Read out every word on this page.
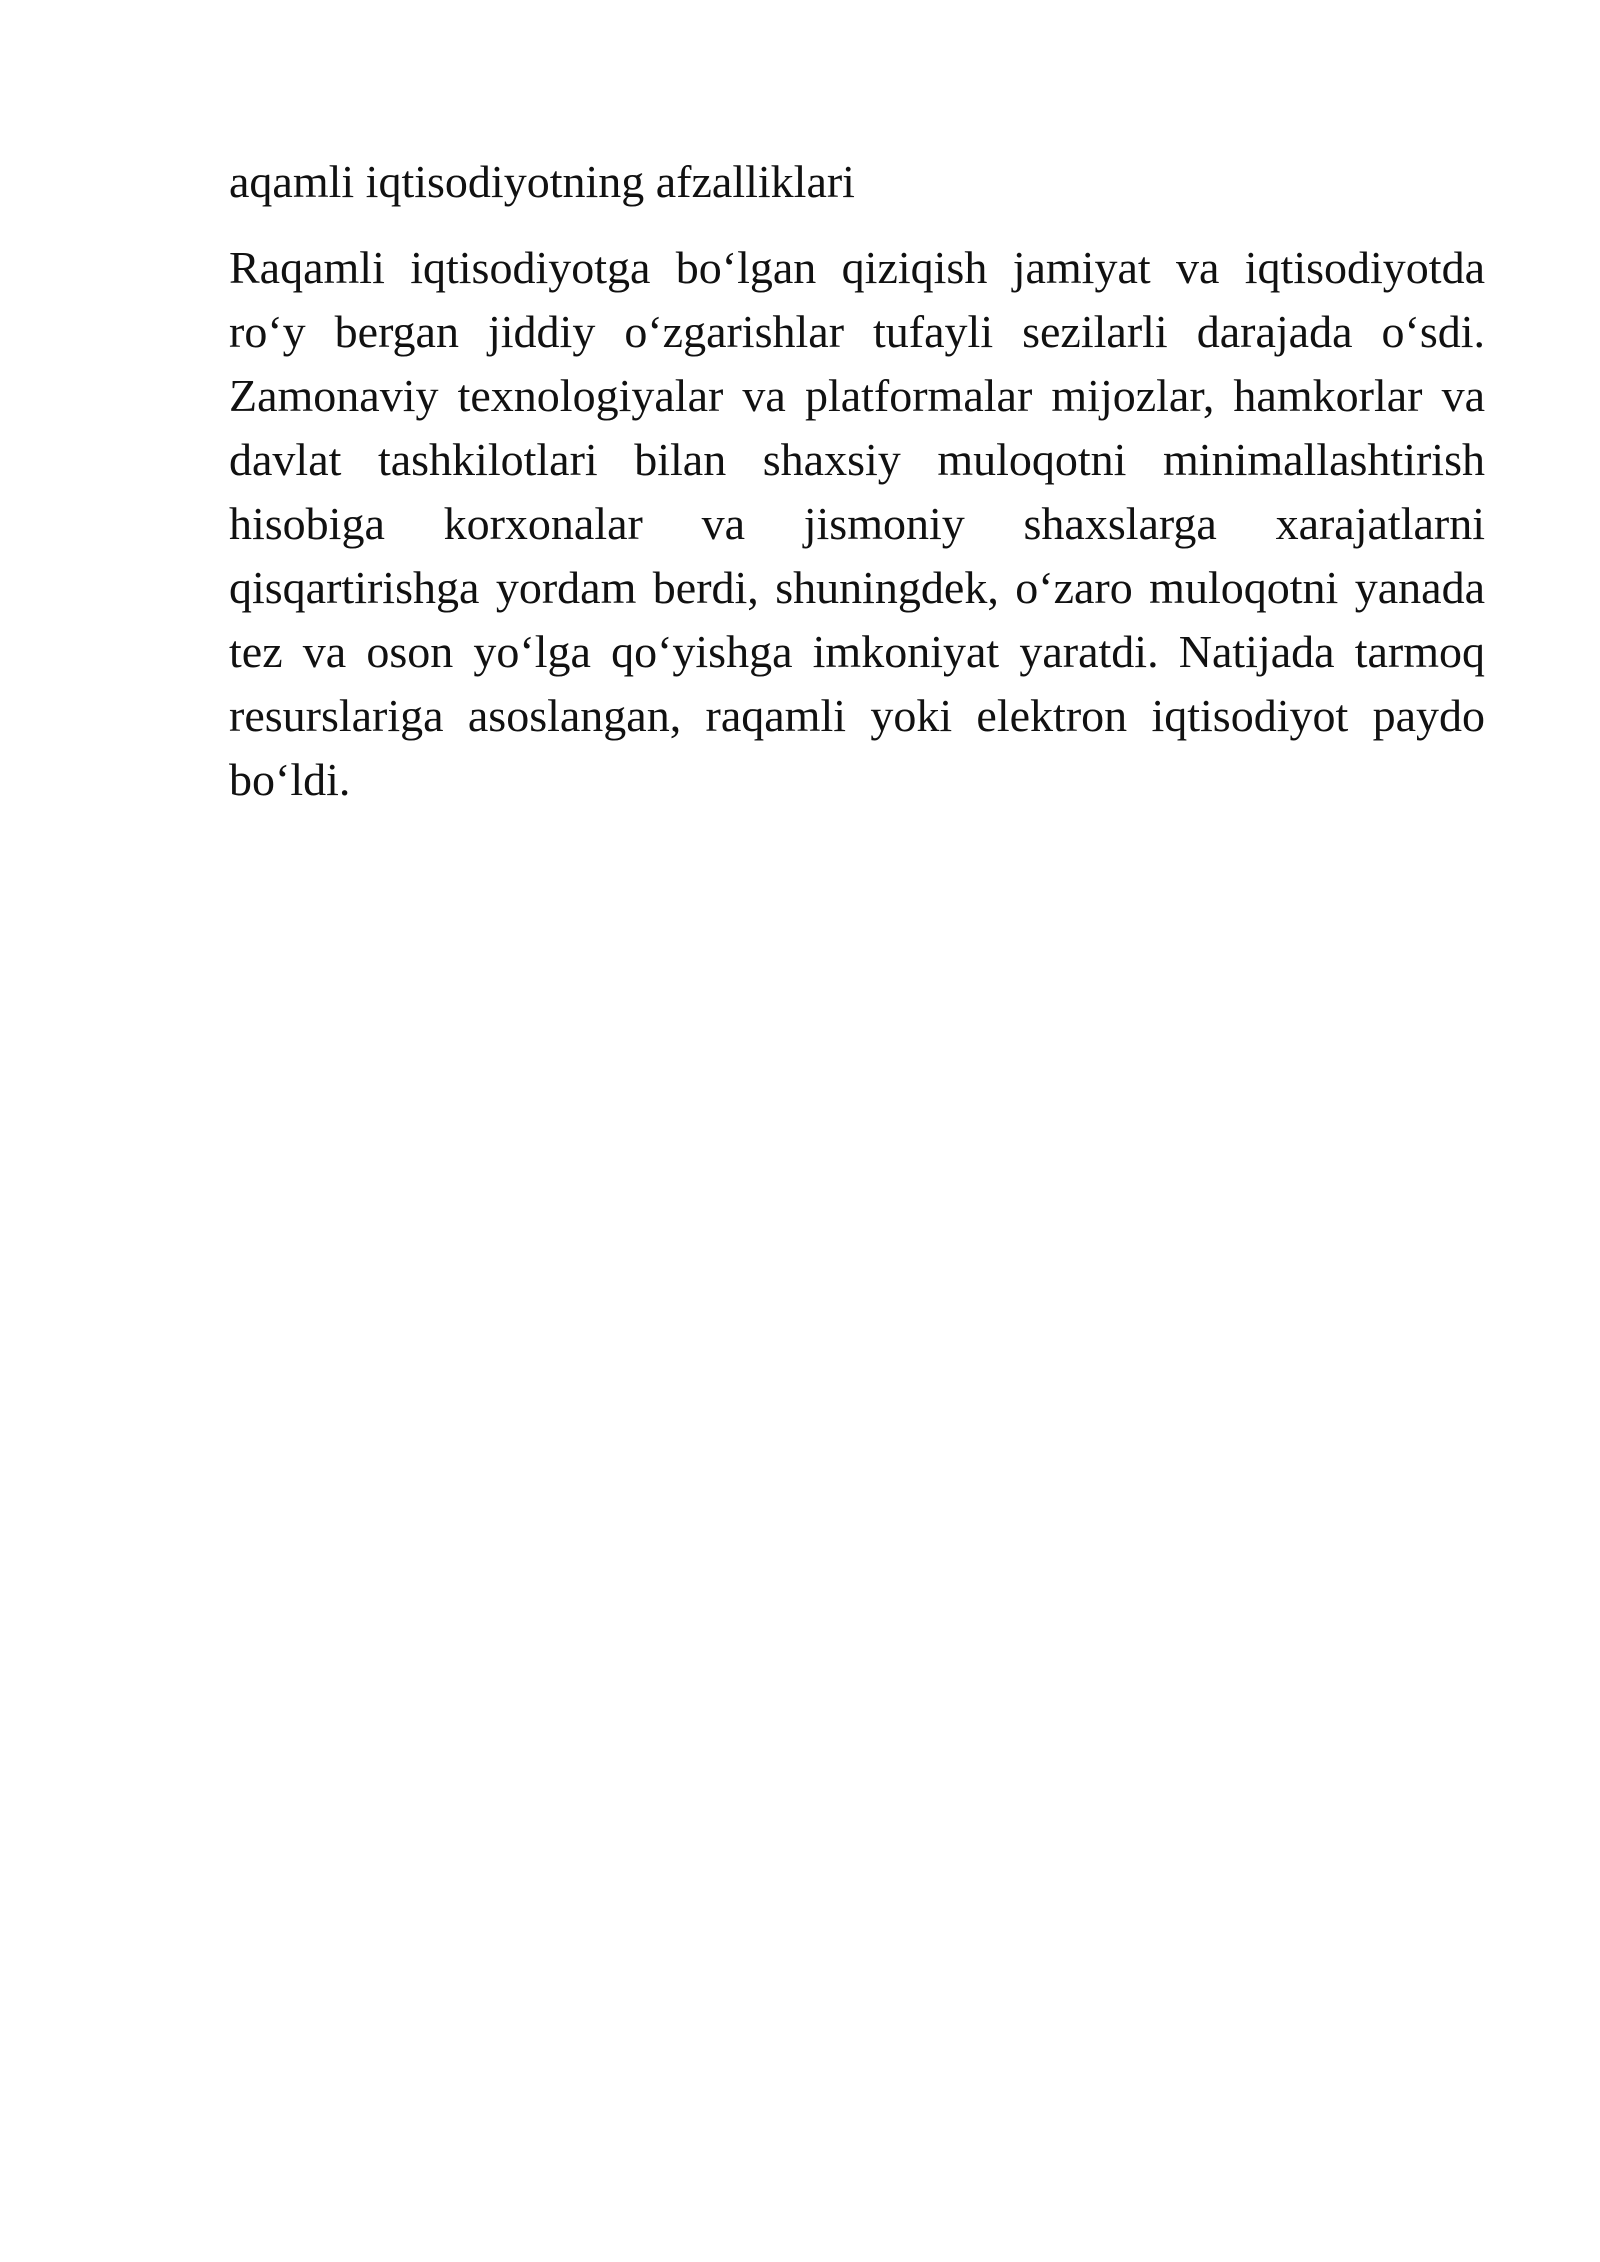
aqamli iqtisodiyotning afzalliklari

Raqamli iqtisodiyotga bo‘lgan qiziqish jamiyat va iqtisodiyotda ro‘y bergan jiddiy o‘zgarishlar tufayli sezilarli darajada o‘sdi. Zamonaviy texnologiyalar va platformalar mijozlar, hamkorlar va davlat tashkilotlari bilan shaxsiy muloqotni minimallashtirish hisobiga korxonalar va jismoniy shaxslarga xarajatlarni qisqartirishga yordam berdi, shuningdek, o‘zaro muloqotni yanada tez va oson yo‘lga qo‘yishga imkoniyat yaratdi. Natijada tarmoq resurslariga asoslangan, raqamli yoki elektron iqtisodiyot paydo bo‘ldi.
